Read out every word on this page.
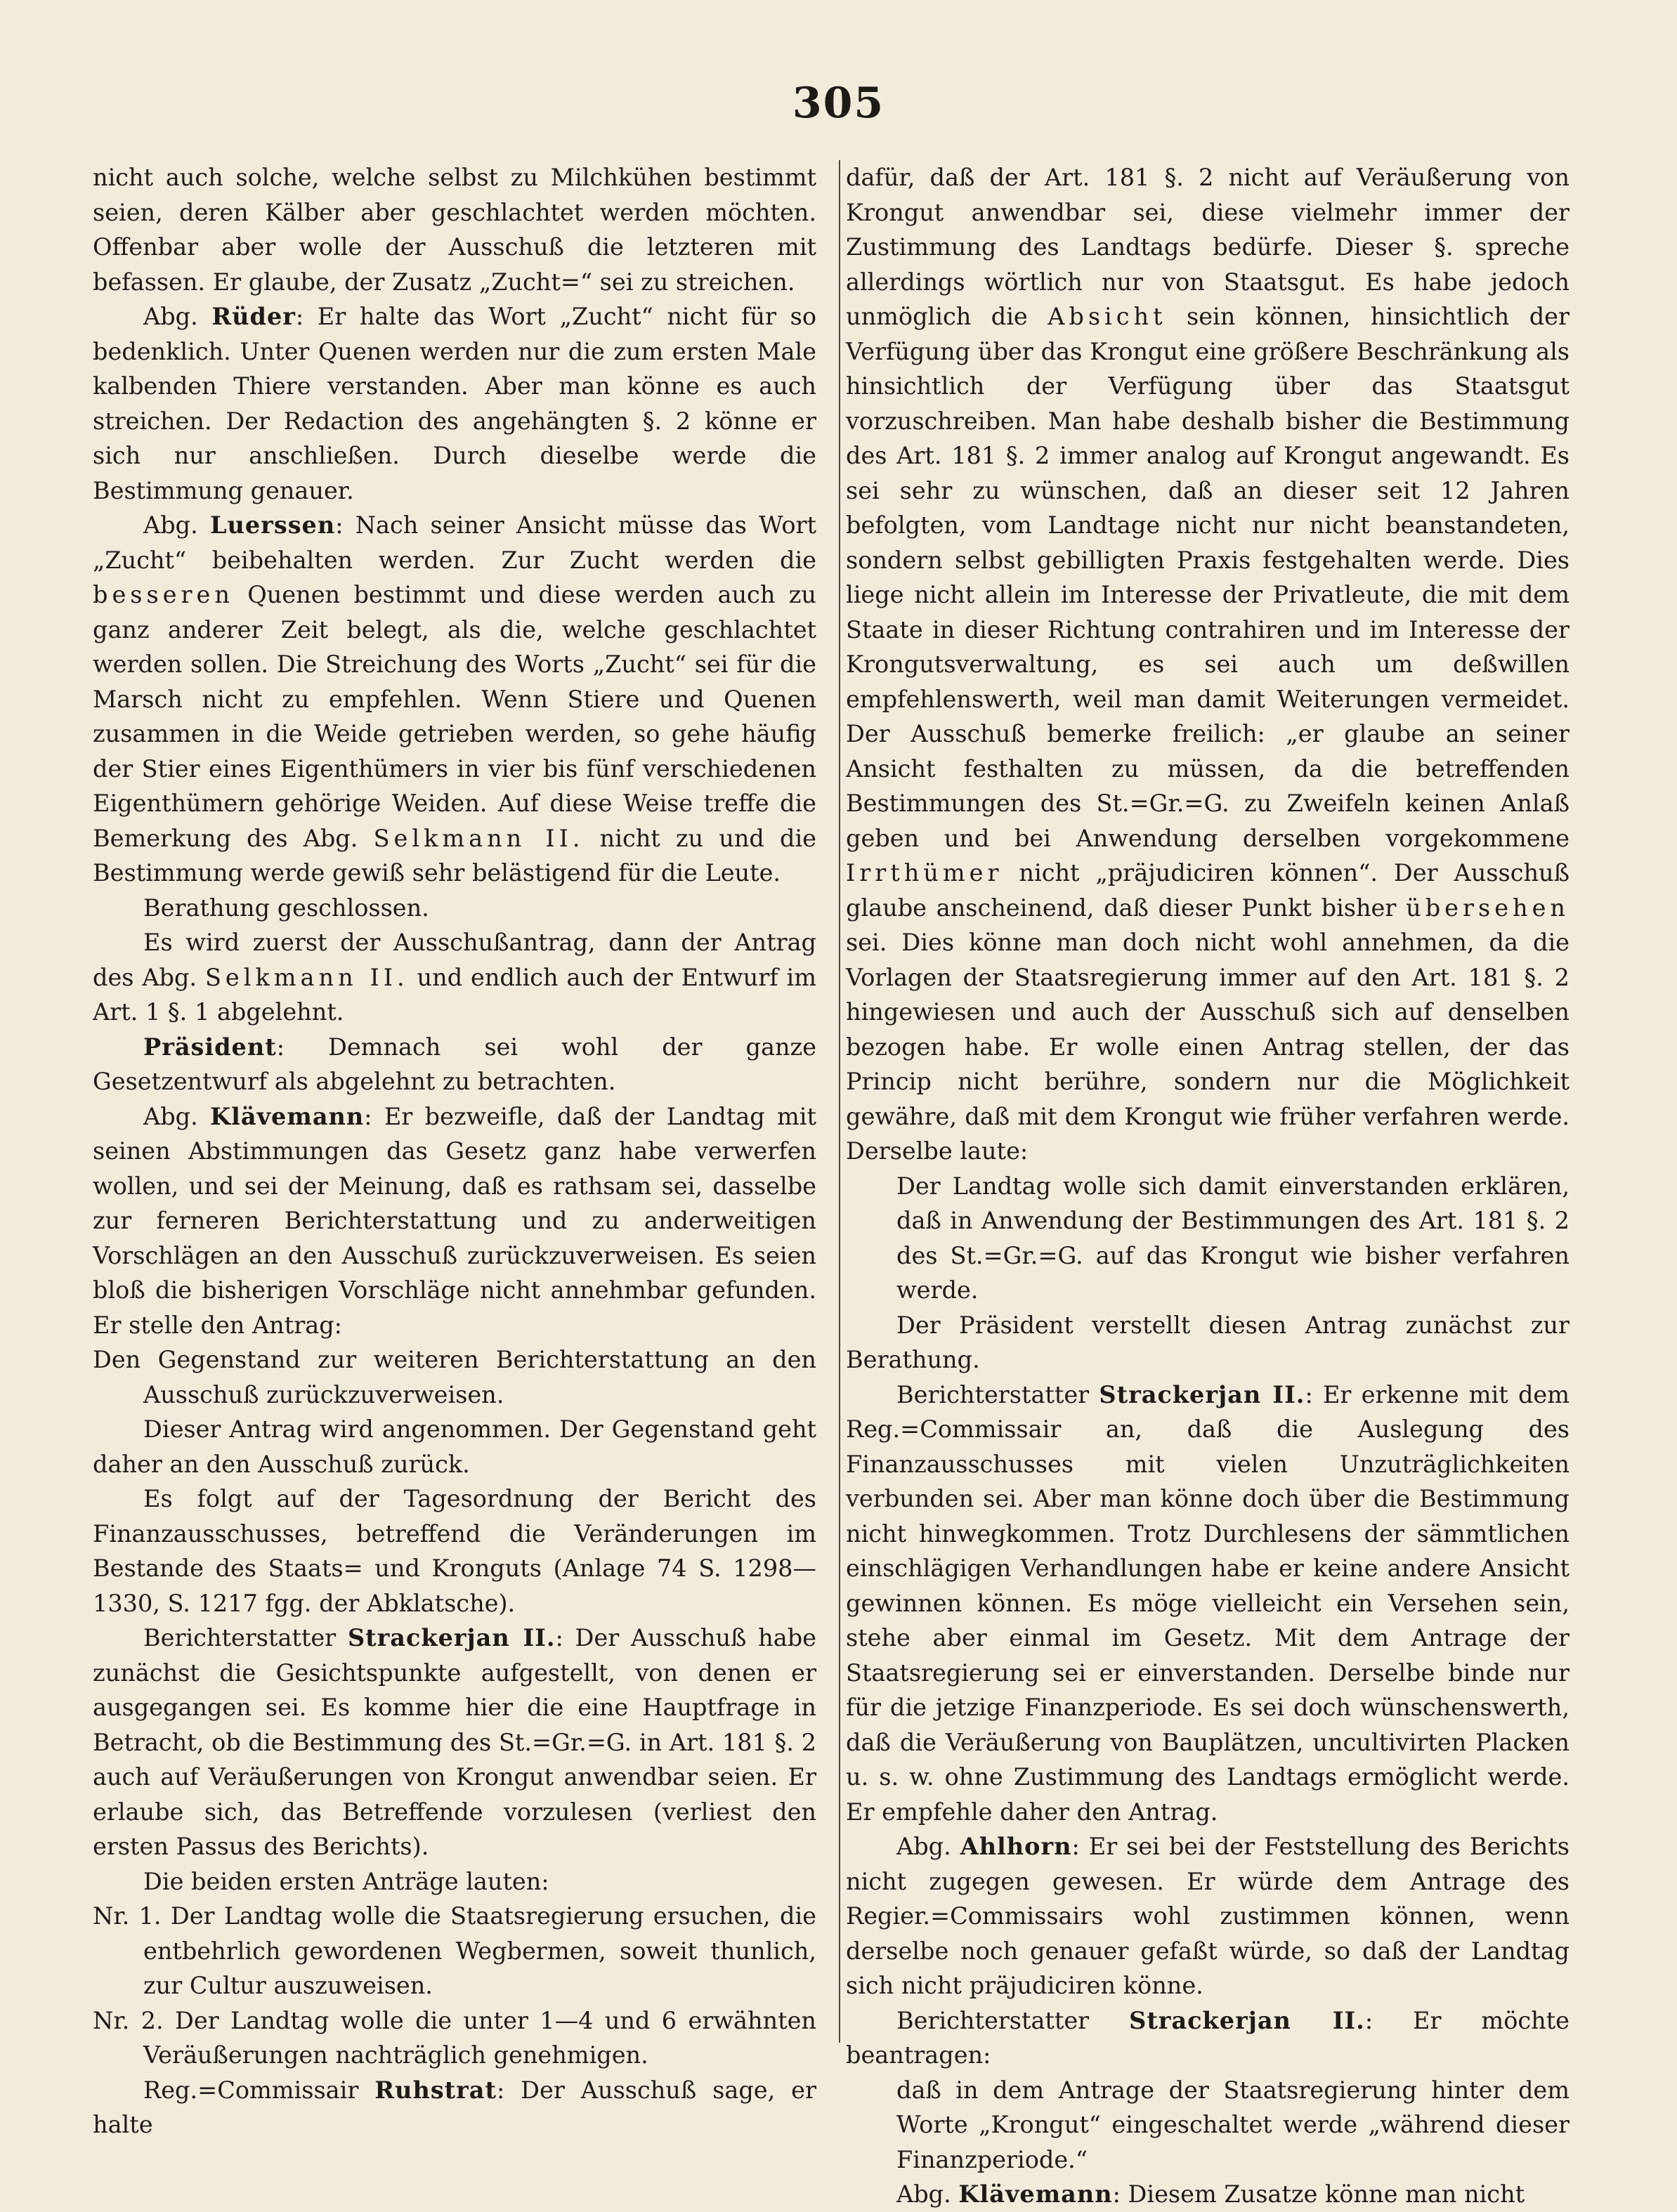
305

nicht auch solche, welche selbst zu Milchkühen bestimmt seien, deren Kälber aber geschlachtet werden möchten. Offenbar aber wolle der Ausschuß die letzteren mit befassen. Er glaube, der Zusatz „Zucht=“ sei zu streichen.

Abg. Rüder: Er halte das Wort „Zucht“ nicht für so bedenklich. Unter Quenen werden nur die zum ersten Male kalbenden Thiere verstanden. Aber man könne es auch streichen. Der Redaction des angehängten §. 2 könne er sich nur anschließen. Durch dieselbe werde die Bestimmung genauer.

Abg. Luerssen: Nach seiner Ansicht müsse das Wort „Zucht“ beibehalten werden. Zur Zucht werden die besseren Quenen bestimmt und diese werden auch zu ganz anderer Zeit belegt, als die, welche geschlachtet werden sollen. Die Streichung des Worts „Zucht“ sei für die Marsch nicht zu empfehlen. Wenn Stiere und Quenen zusammen in die Weide getrieben werden, so gehe häufig der Stier eines Eigenthümers in vier bis fünf verschiedenen Eigenthümern gehörige Weiden. Auf diese Weise treffe die Bemerkung des Abg. Selkmann II. nicht zu und die Bestimmung werde gewiß sehr belästigend für die Leute.

Berathung geschlossen.

Es wird zuerst der Ausschußantrag, dann der Antrag des Abg. Selkmann II. und endlich auch der Entwurf im Art. 1 §. 1 abgelehnt.

Präsident: Demnach sei wohl der ganze Gesetzentwurf als abgelehnt zu betrachten.

Abg. Klävemann: Er bezweifle, daß der Landtag mit seinen Abstimmungen das Gesetz ganz habe verwerfen wollen, und sei der Meinung, daß es rathsam sei, dasselbe zur ferneren Berichterstattung und zu anderweitigen Vorschlägen an den Ausschuß zurückzuverweisen. Es seien bloß die bisherigen Vorschläge nicht annehmbar gefunden. Er stelle den Antrag:

Den Gegenstand zur weiteren Berichterstattung an den Ausschuß zurückzuverweisen.

Dieser Antrag wird angenommen. Der Gegenstand geht daher an den Ausschuß zurück.

Es folgt auf der Tagesordnung der Bericht des Finanzausschusses, betreffend die Veränderungen im Bestande des Staats= und Kronguts (Anlage 74 S. 1298—1330, S. 1217 fgg. der Abklatsche).

Berichterstatter Strackerjan II.: Der Ausschuß habe zunächst die Gesichtspunkte aufgestellt, von denen er ausgegangen sei. Es komme hier die eine Hauptfrage in Betracht, ob die Bestimmung des St.=Gr.=G. in Art. 181 §. 2 auch auf Veräußerungen von Krongut anwendbar seien. Er erlaube sich, das Betreffende vorzulesen (verliest den ersten Passus des Berichts).

Die beiden ersten Anträge lauten:

Nr. 1. Der Landtag wolle die Staatsregierung ersuchen, die entbehrlich gewordenen Wegbermen, soweit thunlich, zur Cultur auszuweisen.

Nr. 2. Der Landtag wolle die unter 1—4 und 6 erwähnten Veräußerungen nachträglich genehmigen.

Reg.=Commissair Ruhstrat: Der Ausschuß sage, er halte

dafür, daß der Art. 181 §. 2 nicht auf Veräußerung von Krongut anwendbar sei, diese vielmehr immer der Zustimmung des Landtags bedürfe. Dieser §. spreche allerdings wörtlich nur von Staatsgut. Es habe jedoch unmöglich die Absicht sein können, hinsichtlich der Verfügung über das Krongut eine größere Beschränkung als hinsichtlich der Verfügung über das Staatsgut vorzuschreiben. Man habe deshalb bisher die Bestimmung des Art. 181 §. 2 immer analog auf Krongut angewandt. Es sei sehr zu wünschen, daß an dieser seit 12 Jahren befolgten, vom Landtage nicht nur nicht beanstandeten, sondern selbst gebilligten Praxis festgehalten werde. Dies liege nicht allein im Interesse der Privatleute, die mit dem Staate in dieser Richtung contrahiren und im Interesse der Krongutsverwaltung, es sei auch um deßwillen empfehlenswerth, weil man damit Weiterungen vermeidet. Der Ausschuß bemerke freilich: „er glaube an seiner Ansicht festhalten zu müssen, da die betreffenden Bestimmungen des St.=Gr.=G. zu Zweifeln keinen Anlaß geben und bei Anwendung derselben vorgekommene Irrthümer nicht „präjudiciren können“. Der Ausschuß glaube anscheinend, daß dieser Punkt bisher übersehen sei. Dies könne man doch nicht wohl annehmen, da die Vorlagen der Staatsregierung immer auf den Art. 181 §. 2 hingewiesen und auch der Ausschuß sich auf denselben bezogen habe. Er wolle einen Antrag stellen, der das Princip nicht berühre, sondern nur die Möglichkeit gewähre, daß mit dem Krongut wie früher verfahren werde. Derselbe laute:

Der Landtag wolle sich damit einverstanden erklären, daß in Anwendung der Bestimmungen des Art. 181 §. 2 des St.=Gr.=G. auf das Krongut wie bisher verfahren werde.

Der Präsident verstellt diesen Antrag zunächst zur Berathung.

Berichterstatter Strackerjan II.: Er erkenne mit dem Reg.=Commissair an, daß die Auslegung des Finanzausschusses mit vielen Unzuträglichkeiten verbunden sei. Aber man könne doch über die Bestimmung nicht hinwegkommen. Trotz Durchlesens der sämmtlichen einschlägigen Verhandlungen habe er keine andere Ansicht gewinnen können. Es möge vielleicht ein Versehen sein, stehe aber einmal im Gesetz. Mit dem Antrage der Staatsregierung sei er einverstanden. Derselbe binde nur für die jetzige Finanzperiode. Es sei doch wünschenswerth, daß die Veräußerung von Bauplätzen, uncultivirten Placken u. s. w. ohne Zustimmung des Landtags ermöglicht werde. Er empfehle daher den Antrag.

Abg. Ahlhorn: Er sei bei der Feststellung des Berichts nicht zugegen gewesen. Er würde dem Antrage des Regier.=Commissairs wohl zustimmen können, wenn derselbe noch genauer gefaßt würde, so daß der Landtag sich nicht präjudiciren könne.

Berichterstatter Strackerjan II.: Er möchte beantragen:

daß in dem Antrage der Staatsregierung hinter dem Worte „Krongut“ eingeschaltet werde „während dieser Finanzperiode.“

Abg. Klävemann: Diesem Zusatze könne man nicht
